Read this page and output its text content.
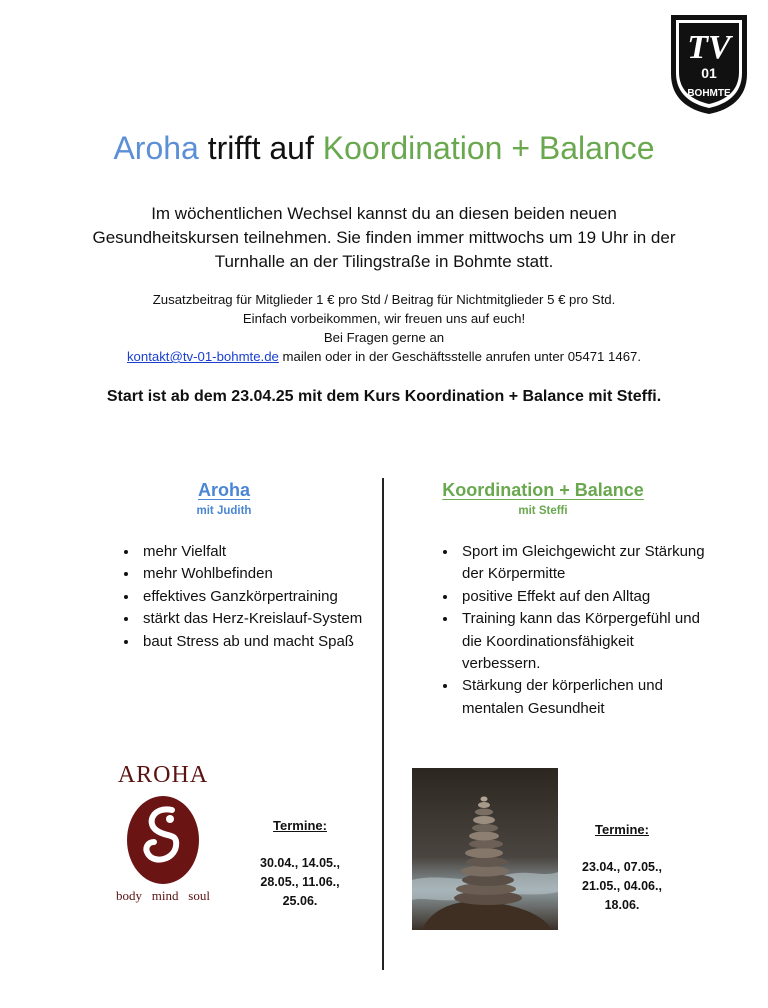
TV
01
BOHMTE
Aroha trifft auf Koordination + Balance
Im wöchentlichen Wechsel kannst du an diesen beiden neuen Gesundheitskursen teilnehmen. Sie finden immer mittwochs um 19 Uhr in der Turnhalle an der Tilingstraße in Bohmte statt.

Zusatzbeitrag für Mitglieder 1 € pro Std / Beitrag für Nichtmitglieder 5 € pro Std.

Einfach vorbeikommen, wir freuen uns auf euch!

Bei Fragen gerne an

kontakt@tv-01-bohmte.de mailen oder in der Geschäftsstelle anrufen unter 05471 1467.

Start ist ab dem 23.04.25 mit dem Kurs Koordination + Balance mit Steffi.
Aroha
mit Judith
• mehr Vielfalt
• mehr Wohlbefinden
• effektives Ganzkörpertraining
• stärkt das Herz-Kreislauf-System
• baut Stress ab und macht Spaß
AROHA
body   mind   soul
Termine:
30.04., 14.05.,
28.05., 11.06.,
25.06.
Koordination + Balance
mit Steffi
• Sport im Gleichgewicht zur Stärkung der Körpermitte
• positive Effekt auf den Alltag
• Training kann das Körpergefühl und die Koordinationsfähigkeit verbessern.
• Stärkung der körperlichen und mentalen Gesundheit
Termine:
23.04., 07.05.,
21.05., 04.06.,
18.06.
